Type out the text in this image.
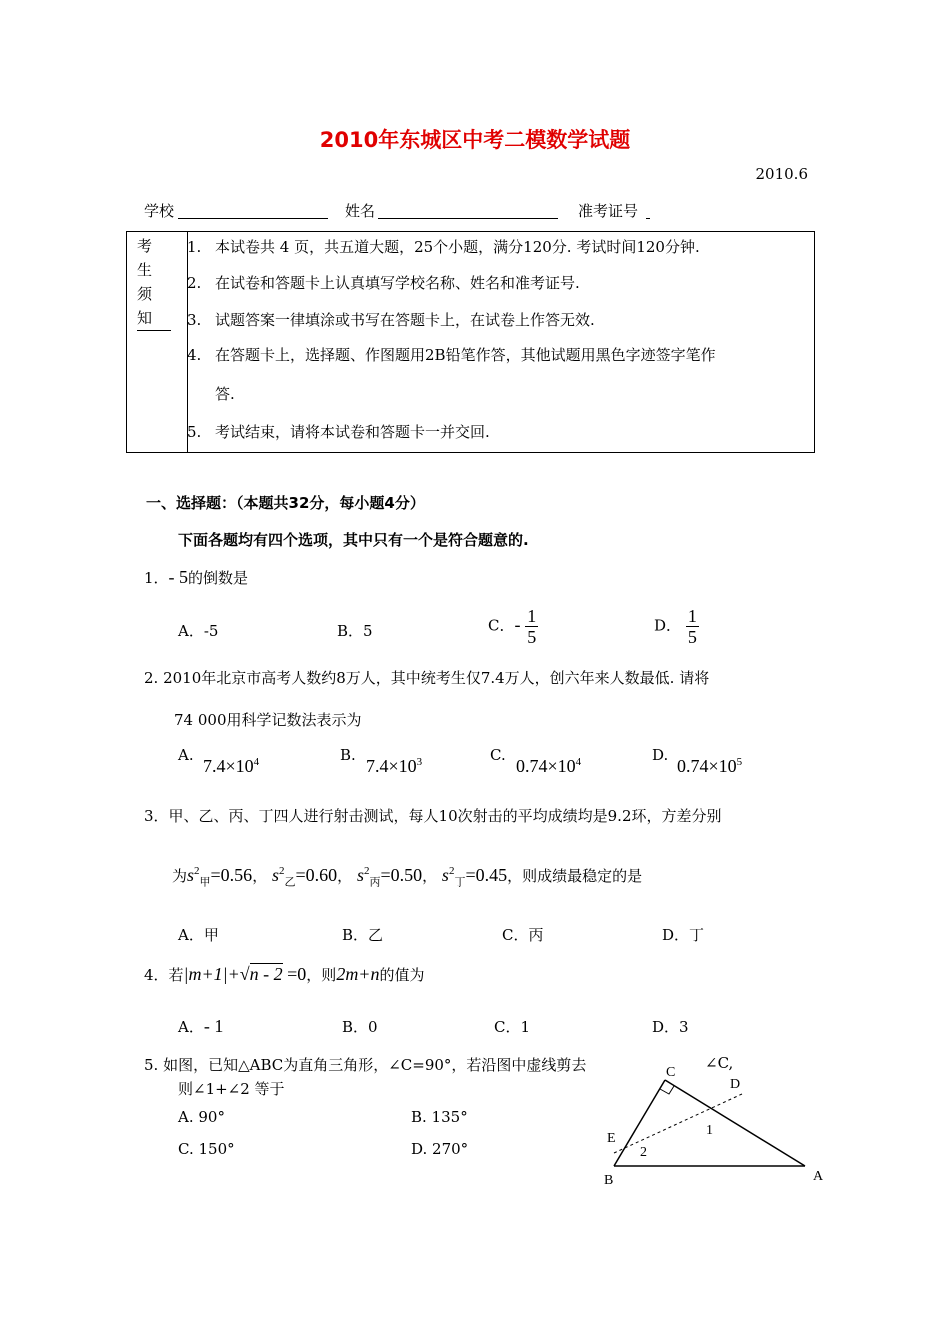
2010年东城区中考二模数学试题
2010.6
学校	姓名	准考证号
考
生
须
知

1. 本试卷共 4 页，共五道大题，25个小题，满分120分. 考试时间120分钟.
2. 在试卷和答题卡上认真填写学校名称、姓名和准考证号.
3. 试题答案一律填涂或书写在答题卡上，在试卷上作答无效.
4. 在答题卡上，选择题、作图题用2B铅笔作答，其他试题用黑色字迹签字笔作
答.
5. 考试结束，请将本试卷和答题卡一并交回.
一、选择题：（本题共32分，每小题4分）
下面各题均有四个选项，其中只有一个是符合题意的.
1．- 5的倒数是
A．-5	B．5	C．- $\frac{1}{5}$	D． $\frac{1}{5}$
2. 2010年北京市高考人数约8万人，其中统考生仅7.4万人，创六年来人数最低. 请将
74 000用科学记数法表示为
A.
$7.4\times 10^4$	B.
$7.4\times 10^3$	C.
$0.74\times 10^4$	D.
$0.74\times 10^5$
3．甲、乙、丙、丁四人进行射击测试，每人10次射击的平均成绩均是9.2环，方差分别
为$s^2_甲=0.56$， $s^2_乙=0.60$， $s^2_丙=0.50$， $s^2_丁=0.45$，则成绩最稳定的是
A．甲	B．乙	C．丙	D．丁
4．若|m+1|+√n - 2 =0，则2m+n的值为
A．- 1	B．0	C．1	D．3
5. 如图，已知△ABC为直角三角形，∠C=90°，若沿图中虚线剪去	∠C,
则∠1+∠2 等于
A. 90°	B. 135°
C. 150°	D. 270°
C
D
E
B	A
1
2
